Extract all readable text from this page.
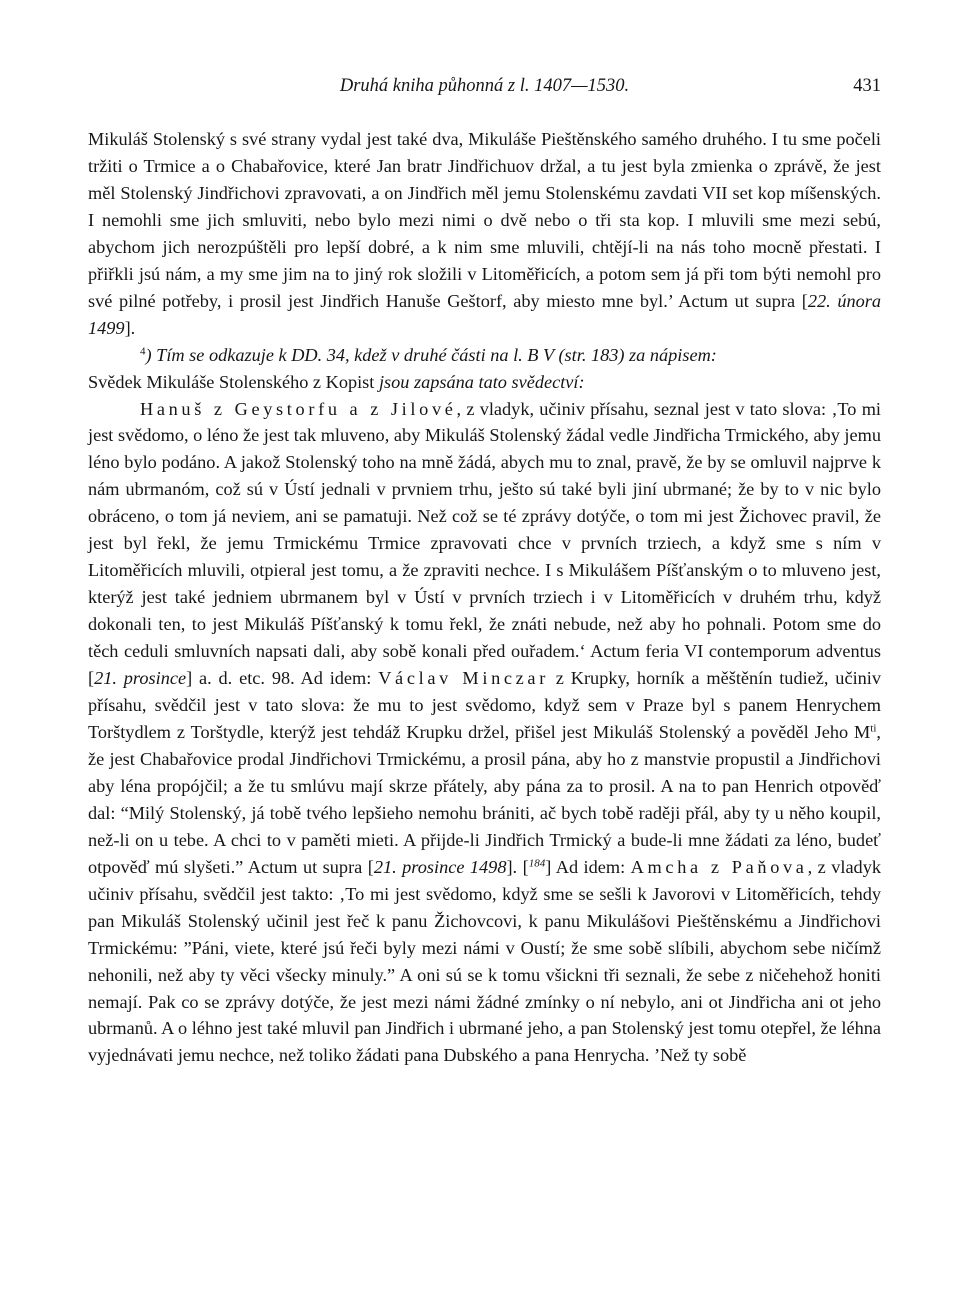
Druhá kniha půhonná z l. 1407—1530.	431

Mikuláš Stolenský s své strany vydal jest také dva, Mikuláše Pieštěnského samého druhého. I tu sme počeli tržiti o Trmice a o Chabařovice, které Jan bratr Jindřichuov držal, a tu jest byla zmienka o zprávě, že jest měl Stolenský Jindřichovi zpravovati, a on Jindřich měl jemu Stolenskému zavdati VII set kop míšenských. I nemohli sme jich smluviti, nebo bylo mezi nimi o dvě nebo o tři sta kop. I mluvili sme mezi sebú, abychom jich nerozpúštěli pro lepší dobré, a k nim sme mluvili, chtějí-li na nás toho mocně přestati. I přiřkli jsú nám, a my sme jim na to jiný rok složili v Litoměřicích, a potom sem já při tom býti nemohl pro své pilné potřeby, i prosil jest Jindřich Hanuše Geštorf, aby miesto mne byl.’ Actum ut supra [22. února 1499].

$^4$) Tím se odkazuje k DD. 34, kdež v druhé části na l. B V (str. 183) za nápisem:

Svědek Mikuláše Stolenského z Kopist jsou zapsána tato svědectví:

Hanuš z Geystorfu a z Jilové, z vladyk, učiniv přísahu, seznal jest v tato slova: ‚To mi jest svědomo, o léno že jest tak mluveno, aby Mikuláš Stolenský žádal vedle Jindřicha Trmického, aby jemu léno bylo podáno. A jakož Stolenský toho na mně žádá, abych mu to znal, pravě, že by se omluvil najprve k nám ubrmanóm, což sú v Ústí jednali v prvniem trhu, ješto sú také byli jiní ubrmané; že by to v nic bylo obráceno, o tom já neviem, ani se pamatuji. Než což se té zprávy dotýče, o tom mi jest Žichovec pravil, že jest byl řekl, že jemu Trmickému Trmice zpravovati chce v prvních trziech, a když sme s ním v Litoměřicích mluvili, otpieral jest tomu, a že zpraviti nechce. I s Mikulášem Píšťanským o to mluveno jest, kterýž jest také jedniem ubrmanem byl v Ústí v prvních trziech i v Litoměřicích v druhém trhu, když dokonali ten, to jest Mikuláš Píšťanský k tomu řekl, že znáti nebude, než aby ho pohnali. Potom sme do těch ceduli smluvních napsati dali, aby sobě konali před ouřadem.‘ Actum feria VI contemporum adventus [21. prosince] a. d. etc. 98. Ad idem: Václav Minczar z Krupky, horník a měštěnín tudiež, učiniv přísahu, svědčil jest v tato slova: že mu to jest svědomo, když sem v Praze byl s panem Henrychem Torštydlem z Torštydle, kterýž jest tehdáž Krupku držel, přišel jest Mikuláš Stolenský a pověděl Jeho $M^{ti}$, že jest Chabařovice prodal Jindřichovi Trmickému, a prosil pána, aby ho z manstvie propustil a Jindřichovi aby léna propójčil; a že tu smlúvu mají skrze přátely, aby pána za to prosil. A na to pan Henrich otpověď dal: “Milý Stolenský, já tobě tvého lepšieho nemohu brániti, ač bych tobě raději přál, aby ty u něho koupil, než-li on u tebe. A chci to v paměti mieti. A přijde-li Jindřich Trmický a bude-li mne žádati za léno, budeť otpověď mú slyšeti.” Actum ut supra [21. prosince 1498]. [$^{184}$] Ad idem: Amcha z Paňova, z vladyk učiniv přísahu, svědčil jest takto: ‚To mi jest svědomo, když sme se sešli k Javorovi v Litoměřicích, tehdy pan Mikuláš Stolenský učinil jest řeč k panu Žichovcovi, k panu Mikulášovi Pieštěnskému a Jindřichovi Trmickému: ”Páni, viete, které jsú řeči byly mezi námi v Oustí; že sme sobě slíbili, abychom sebe ničímž nehonili, než aby ty věci všecky minuly.” A oni sú se k tomu všickni tři seznali, že sebe z ničehehož honiti nemají. Pak co se zprávy dotýče, že jest mezi námi žádné zmínky o ní nebylo, ani ot Jindřicha ani ot jeho ubrmanů. A o léhno jest také mluvil pan Jindřich i ubrmané jeho, a pan Stolenský jest tomu otepřel, že léhna vyjednávati jemu nechce, než toliko žádati pana Dubského a pana Henrycha. ’Než ty sobě
